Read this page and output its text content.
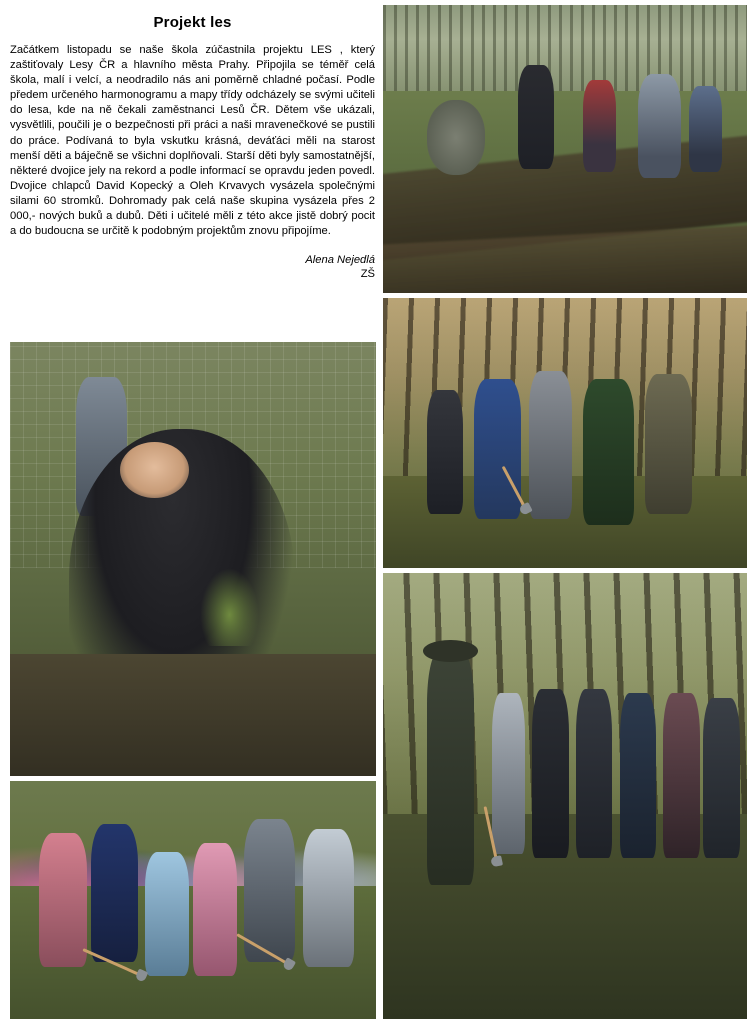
Projekt les

Začátkem listopadu se naše škola zúčastnila projektu LES , který zaštiťovaly Lesy ČR a hlavního města Prahy. Připojila se téměř celá škola, malí i velcí, a neodradilo nás ani poměrně chladné počasí. Podle předem určeného harmonogramu a mapy třídy odcházely se svými učiteli do lesa, kde na ně čekali zaměstnanci Lesů ČR. Dětem vše ukázali, vysvětlili, poučili je o bezpečnosti při práci a naši mravenečkové se pustili do práce. Podívaná to byla vskutku krásná, deváťáci měli na starost menší děti a báječně se všichni doplňovali. Starší děti byly samostatnější, některé dvojice jely na rekord a podle informací se opravdu jeden povedl. Dvojice chlapců David Kopecký a Oleh Krvavych vysázela společnými silami 60 stromků. Dohromady pak celá naše skupina vysázela přes 2 000,- nových buků a dubů. Děti i učitelé měli z této akce jistě dobrý pocit a do budoucna se určitě k podobným projektům znovu připojíme.

Alena Nejedlá
ZŠ
